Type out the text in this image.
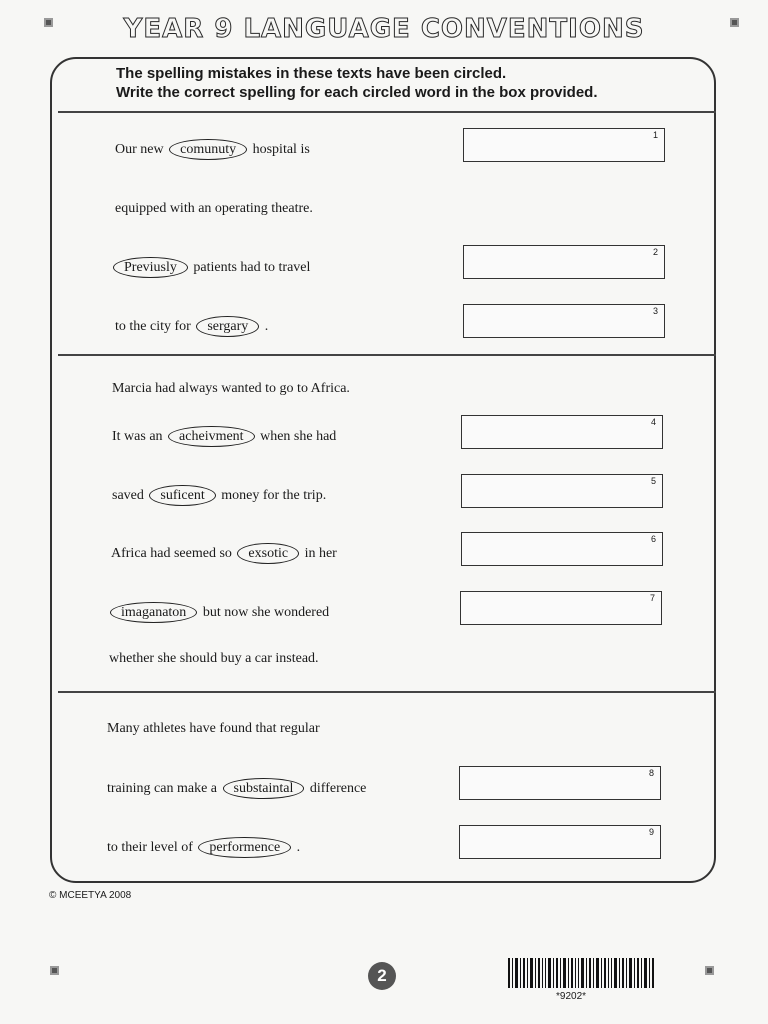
YEAR 9 LANGUAGE CONVENTIONS
The spelling mistakes in these texts have been circled.
Write the correct spelling for each circled word in the box provided.
Our new comunuty hospital is
equipped with an operating theatre.
Previusly patients had to travel
to the city for sergary .
Marcia had always wanted to go to Africa.
It was an acheivment when she had
saved suficent money for the trip.
Africa had seemed so exsotic in her
imaganaton but now she wondered
whether she should buy a car instead.
Many athletes have found that regular
training can make a substaintal difference
to their level of performence .
1
2
3
4
5
6
7
8
9
© MCEETYA 2008
2
*9202*
